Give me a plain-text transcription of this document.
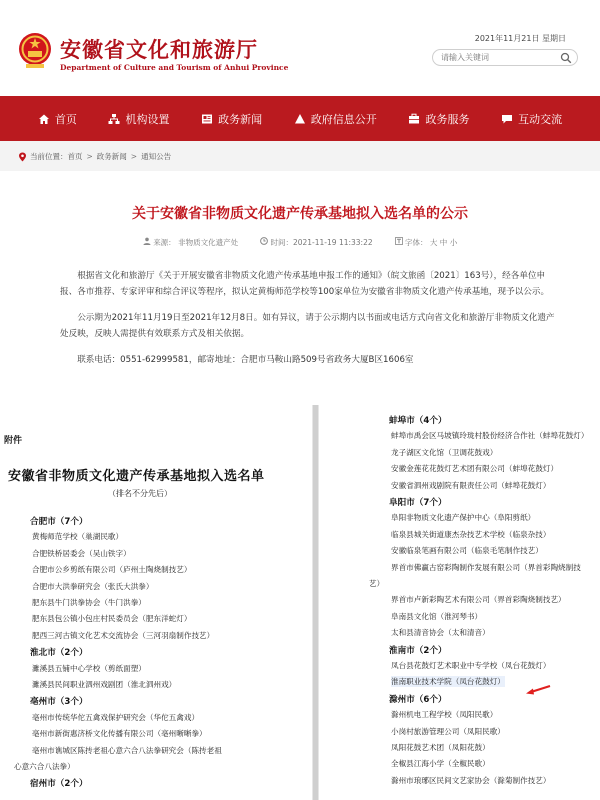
安徽省文化和旅游厅
Department of Culture and Tourism of Anhui Province
2021年11月21日 星期日
请输入关键词
首页	机构设置	政务新闻	政府信息公开	政务服务	互动交流
当前位置： 首页 > 政务新闻 > 通知公告
关于安徽省非物质文化遗产传承基地拟入选名单的公示
来源： 非物质文化遗产处	时间：2021-11-19 11:33:22	字体： 大 中 小

根据省文化和旅游厅《关于开展安徽省非物质文化遗产传承基地申报工作的通知》（皖文旅函〔2021〕163号），经各单位申报、各市推荐、专家评审和综合评议等程序，拟认定黄梅师范学校等100家单位为安徽省非物质文化遗产传承基地，现予以公示。

公示期为2021年11月19日至2021年12月8日。如有异议，请于公示期内以书面或电话方式向省文化和旅游厅非物质文化遗产处反映，反映人需提供有效联系方式及相关依据。

联系电话：0551-62999581，邮寄地址：合肥市马鞍山路509号省政务大厦B区1606室

附件
安徽省非物质文化遗产传承基地拟入选名单
（排名不分先后）
合肥市（7个）
黄梅师范学校（巢湖民歌）
合肥铁桥居委会（吴山铁字）
合肥市公乡剪纸有限公司（庐州土陶烧制技艺）
合肥市大洪拳研究会（张氏大洪拳）
肥东县牛门洪拳协会（牛门洪拳）
肥东县包公镇小包庄村民委员会（肥东洋蛇灯）
肥西三河古镇文化艺术交流协会（三河羽扇制作技艺）
淮北市（2个）
濉溪县五铺中心学校（剪纸面塑）
濉溪县民间职业泗州戏剧团（淮北泗州戏）
亳州市（3个）
亳州市传统华佗五禽戏保护研究会（华佗五禽戏）
亳州市新街惠济桥文化传播有限公司（亳州晰晰拳）
亳州市谯城区陈抟老祖心意六合八法拳研究会（陈抟老祖
心意六合八法拳）
宿州市（2个）
蚌埠市（4个）
蚌埠市禹会区马坡镇玲珑村股份经济合作社（蚌埠花鼓灯）
龙子湖区文化馆（卫调花鼓戏）
安徽金莲花花鼓灯艺术团有限公司（蚌埠花鼓灯）
安徽省泗州戏剧院有限责任公司（蚌埠花鼓灯）
阜阳市（7个）
阜阳非物质文化遗产保护中心（阜阳剪纸）
临泉县城关街道康杰杂技艺术学校（临泉杂技）
安徽临泉笔画有限公司（临泉毛笔制作技艺）
界首市佛赢古窑彩陶制作发展有限公司（界首彩陶烧制技
艺）
界首市卢新彩陶艺术有限公司（界首彩陶烧制技艺）
阜南县文化馆（淮河琴书）
太和县清音协会（太和清音）
淮南市（2个）
凤台县花鼓灯艺术职业中专学校（凤台花鼓灯）
淮南职业技术学院（凤台花鼓灯）
滁州市（6个）
滁州机电工程学校（凤阳民歌）
小岗村旅游管理公司（凤阳民歌）
凤阳花鼓艺术团（凤阳花鼓）
全椒县江海小学（全椒民歌）
滁州市琅琊区民间文艺家协会（滁菊制作技艺）
